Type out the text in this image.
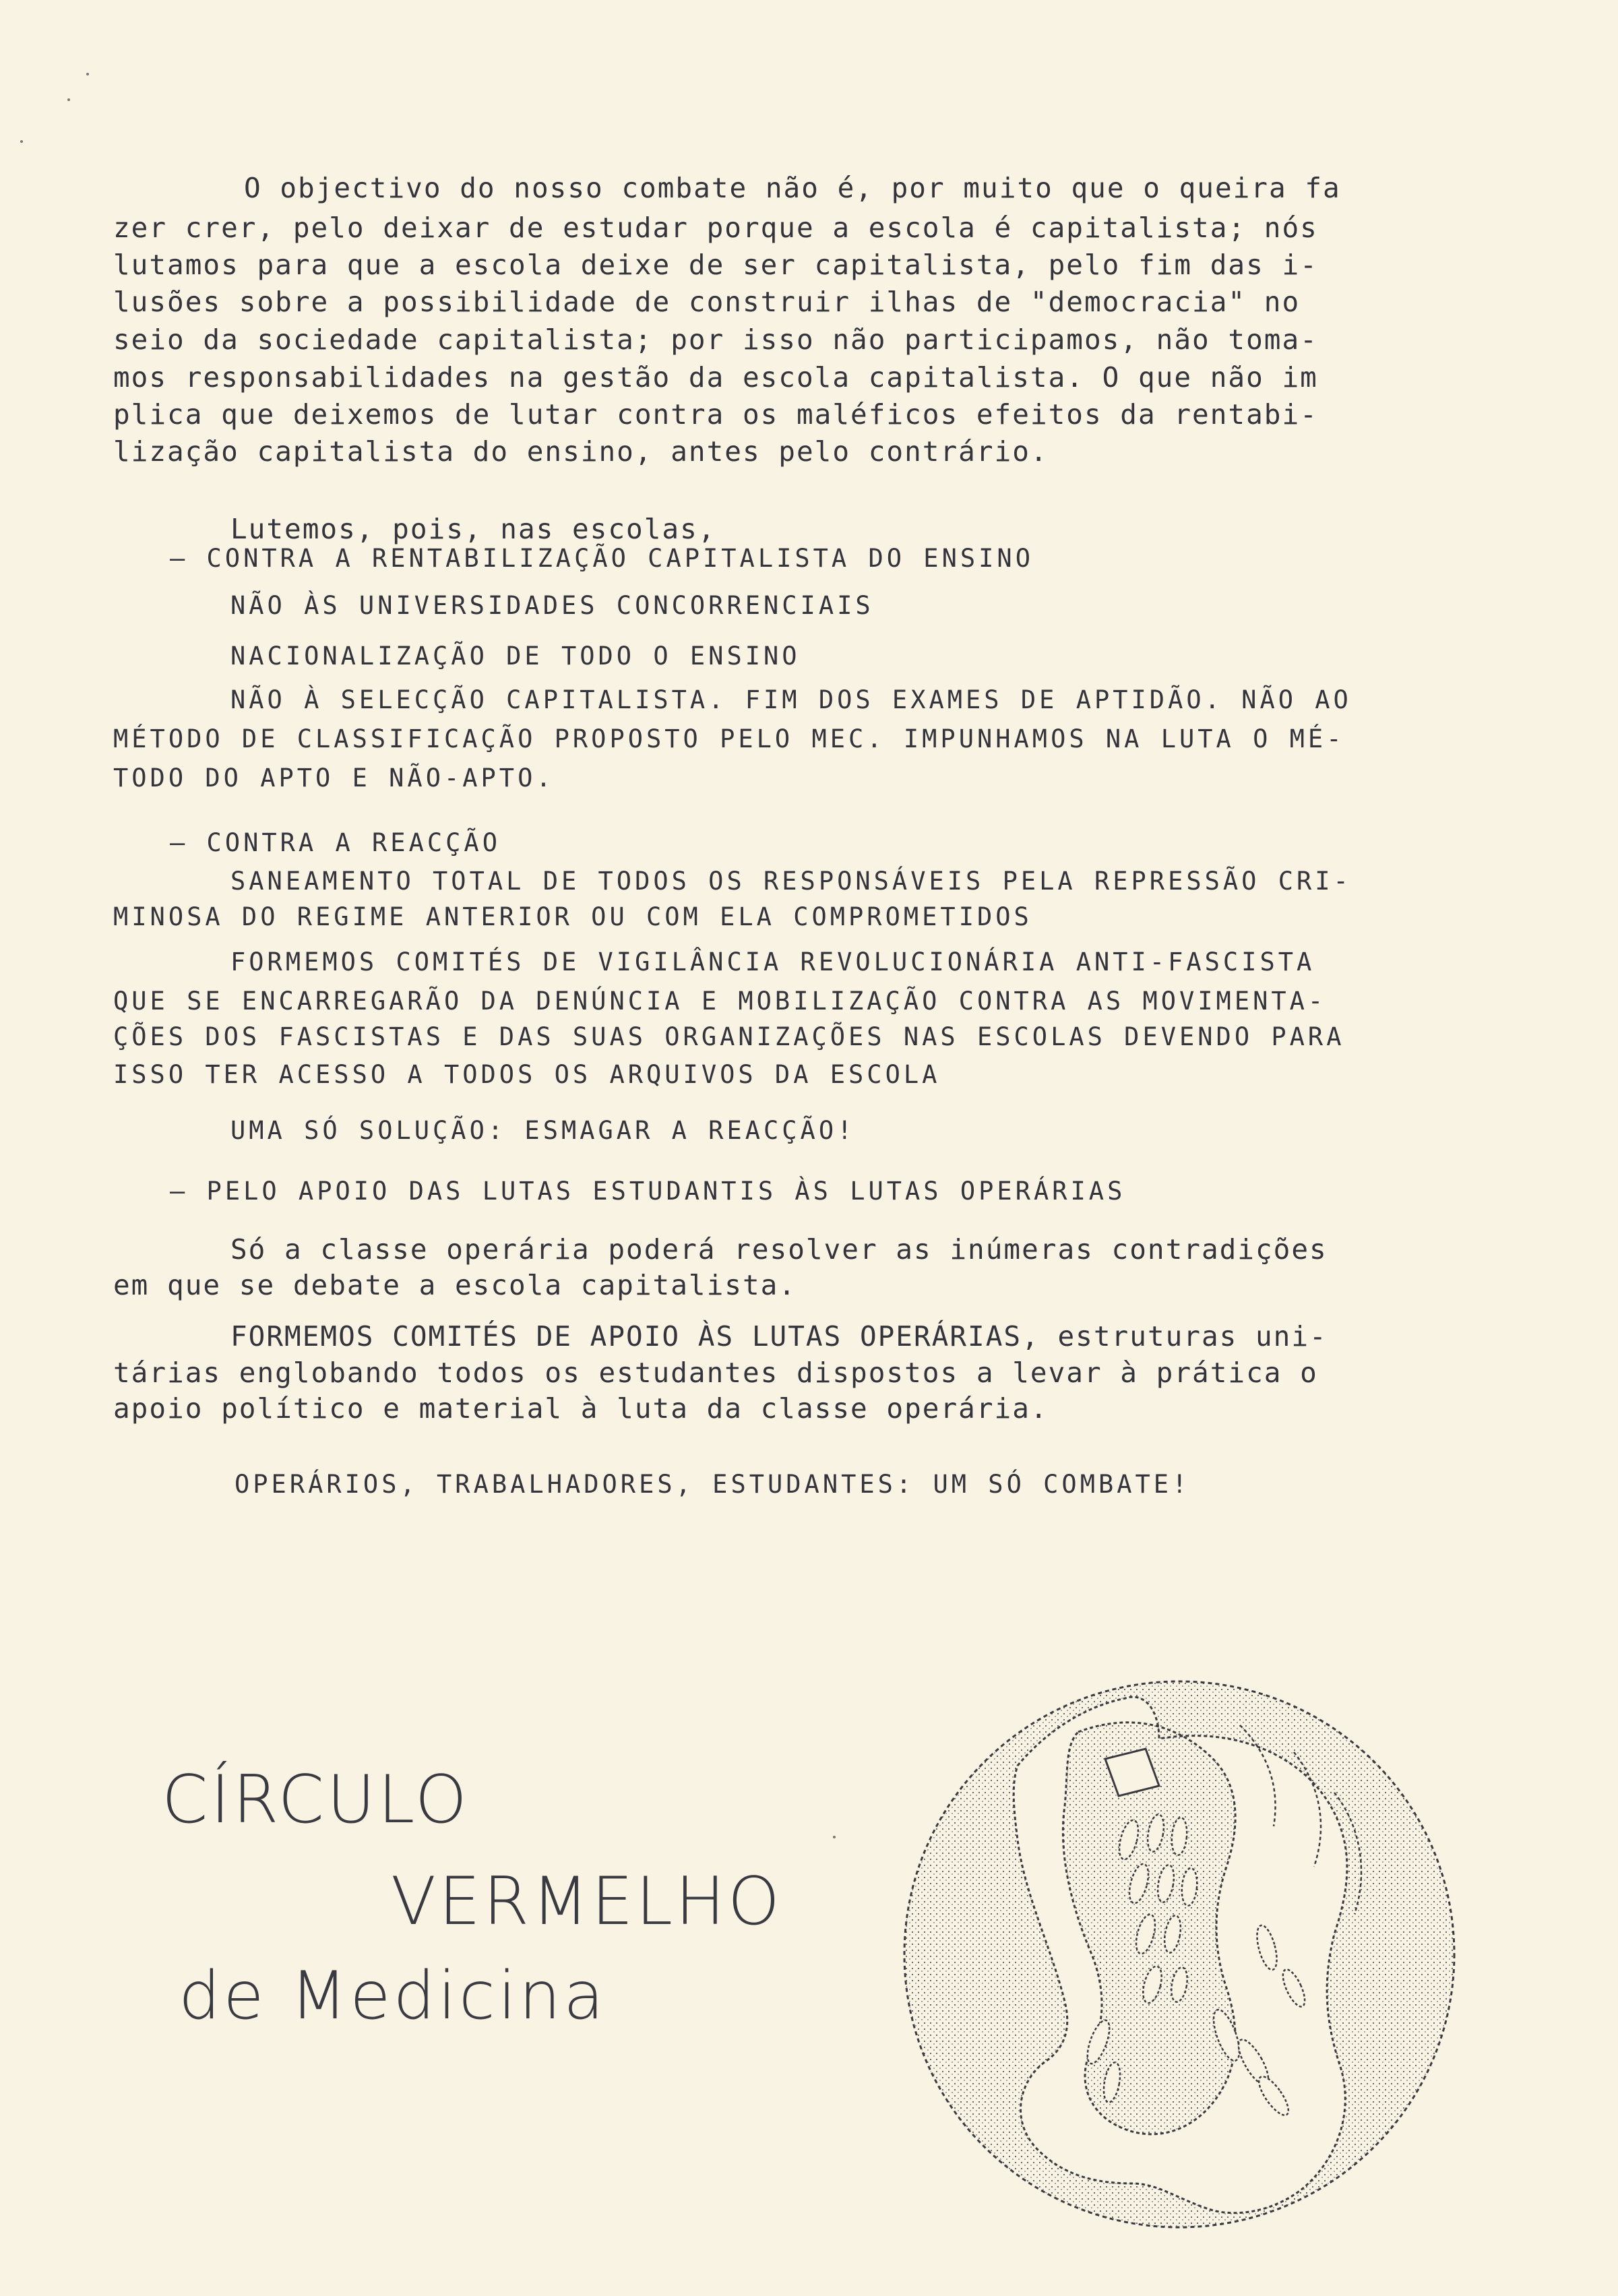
O objectivo do nosso combate não é, por muito que o queira fa
zer crer, pelo deixar de estudar porque a escola é capitalista; nós
lutamos para que a escola deixe de ser capitalista, pelo fim das i-
lusões sobre a possibilidade de construir ilhas de "democracia" no
seio da sociedade capitalista; por isso não participamos, não toma-
mos responsabilidades na gestão da escola capitalista. O que não im
plica que deixemos de lutar contra os maléficos efeitos da rentabi-
lização capitalista do ensino, antes pelo contrário.
Lutemos, pois, nas escolas,
— CONTRA A RENTABILIZAÇÃO CAPITALISTA DO ENSINO
NÃO ÀS UNIVERSIDADES CONCORRENCIAIS
NACIONALIZAÇÃO DE TODO O ENSINO
NÃO À SELECÇÃO CAPITALISTA. FIM DOS EXAMES DE APTIDÃO. NÃO AO
MÉTODO DE CLASSIFICAÇÃO PROPOSTO PELO MEC. IMPUNHAMOS NA LUTA O MÉ-
TODO DO APTO E NÃO-APTO.
— CONTRA A REACÇÃO
SANEAMENTO TOTAL DE TODOS OS RESPONSÁVEIS PELA REPRESSÃO CRI-
MINOSA DO REGIME ANTERIOR OU COM ELA COMPROMETIDOS
FORMEMOS COMITÉS DE VIGILÂNCIA REVOLUCIONÁRIA ANTI-FASCISTA
QUE SE ENCARREGARÃO DA DENÚNCIA E MOBILIZAÇÃO CONTRA AS MOVIMENTA-
ÇÕES DOS FASCISTAS E DAS SUAS ORGANIZAÇÕES NAS ESCOLAS DEVENDO PARA
ISSO TER ACESSO A TODOS OS ARQUIVOS DA ESCOLA
UMA SÓ SOLUÇÃO: ESMAGAR A REACÇÃO!
— PELO APOIO DAS LUTAS ESTUDANTIS ÀS LUTAS OPERÁRIAS
Só a classe operária poderá resolver as inúmeras contradições
em que se debate a escola capitalista.
FORMEMOS COMITÉS DE APOIO ÀS LUTAS OPERÁRIAS, estruturas uni-
tárias englobando todos os estudantes dispostos a levar à prática o
apoio político e material à luta da classe operária.
OPERÁRIOS, TRABALHADORES, ESTUDANTES: UM SÓ COMBATE!
CÍRCULO
VERMELHO
de Medicina
